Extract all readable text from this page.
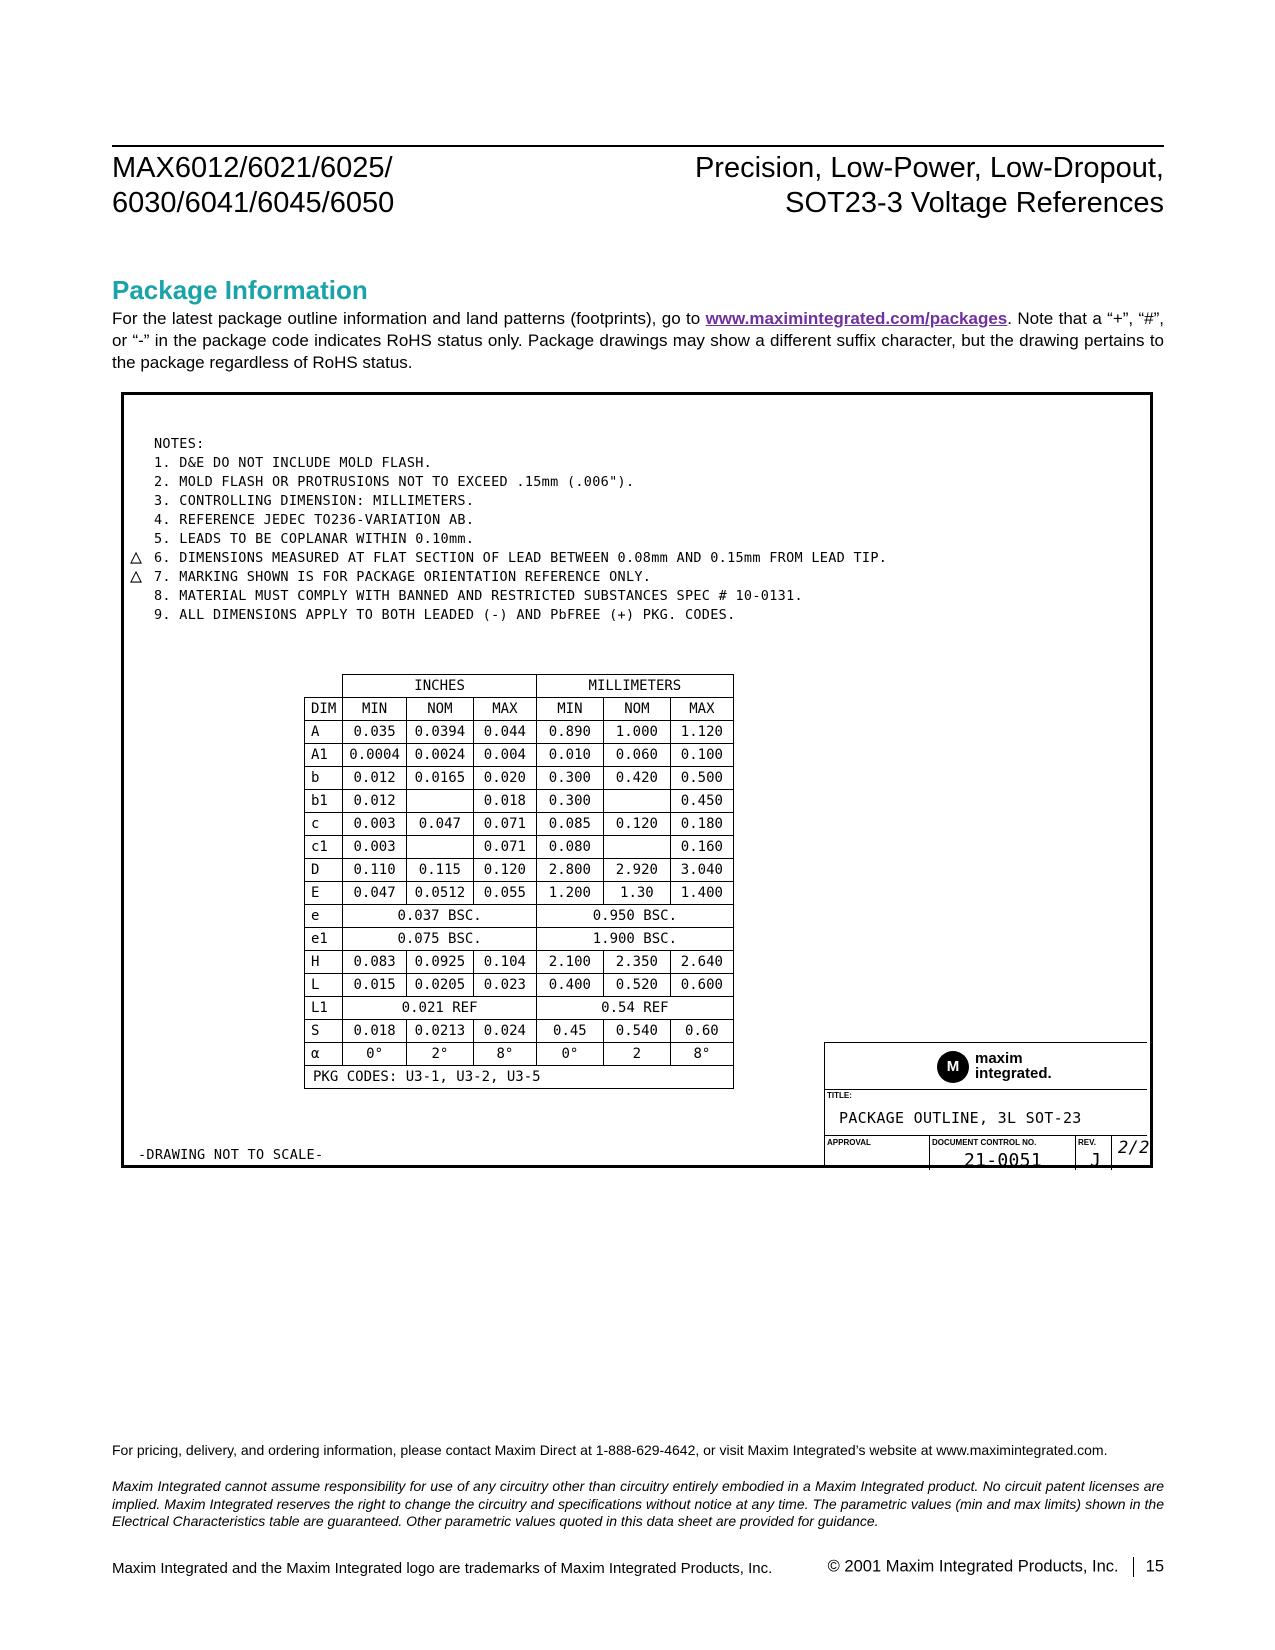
MAX6012/6021/6025/
6030/6041/6045/6050
Precision, Low-Power, Low-Dropout,
SOT23-3 Voltage References
Package Information
For the latest package outline information and land patterns (footprints), go to www.maximintegrated.com/packages. Note that a “+”, “#”, or “-” in the package code indicates RoHS status only. Package drawings may show a different suffix character, but the drawing pertains to the package regardless of RoHS status.
NOTES:
1. D&E DO NOT INCLUDE MOLD FLASH.
2. MOLD FLASH OR PROTRUSIONS NOT TO EXCEED .15mm (.006").
3. CONTROLLING DIMENSION: MILLIMETERS.
4. REFERENCE JEDEC TO236-VARIATION AB.
5. LEADS TO BE COPLANAR WITHIN 0.10mm.
△ 6. DIMENSIONS MEASURED AT FLAT SECTION OF LEAD BETWEEN 0.08mm AND 0.15mm FROM LEAD TIP.
△ 7. MARKING SHOWN IS FOR PACKAGE ORIENTATION REFERENCE ONLY.
8. MATERIAL MUST COMPLY WITH BANNED AND RESTRICTED SUBSTANCES SPEC # 10-0131.
9. ALL DIMENSIONS APPLY TO BOTH LEADED (-) AND PbFREE (+) PKG. CODES.
	INCHES			MILLIMETERS		
DIM	MIN	NOM	MAX	MIN	NOM	MAX
A	0.035	0.0394	0.044	0.890	1.000	1.120
A1	0.0004	0.0024	0.004	0.010	0.060	0.100
b	0.012	0.0165	0.020	0.300	0.420	0.500
b1	0.012		0.018	0.300		0.450
c	0.003	0.047	0.071	0.085	0.120	0.180
c1	0.003		0.071	0.080		0.160
D	0.110	0.115	0.120	2.800	2.920	3.040
E	0.047	0.0512	0.055	1.200	1.30	1.400
e	0.037 BSC.			0.950 BSC.		
e1	0.075 BSC.			1.900 BSC.		
H	0.083	0.0925	0.104	2.100	2.350	2.640
L	0.015	0.0205	0.023	0.400	0.520	0.600
L1	0.021 REF			0.54 REF		
S	0.018	0.0213	0.024	0.45	0.540	0.60
α	0°	2°	8°	0°	2	8°
PKG CODES: U3-1, U3-2, U3-5						
-DRAWING NOT TO SCALE-
M	maxim
integrated.
TITLE:
PACKAGE OUTLINE, 3L SOT-23
APPROVAL	DOCUMENT CONTROL NO.
21-0051
REV.
J
2/2
For pricing, delivery, and ordering information, please contact Maxim Direct at 1-888-629-4642, or visit Maxim Integrated’s website at www.maximintegrated.com.
Maxim Integrated cannot assume responsibility for use of any circuitry other than circuitry entirely embodied in a Maxim Integrated product. No circuit patent licenses are implied. Maxim Integrated reserves the right to change the circuitry and specifications without notice at any time. The parametric values (min and max limits) shown in the Electrical Characteristics table are guaranteed. Other parametric values quoted in this data sheet are provided for guidance.
Maxim Integrated and the Maxim Integrated logo are trademarks of Maxim Integrated Products, Inc.	© 2001 Maxim Integrated Products, Inc. 15
